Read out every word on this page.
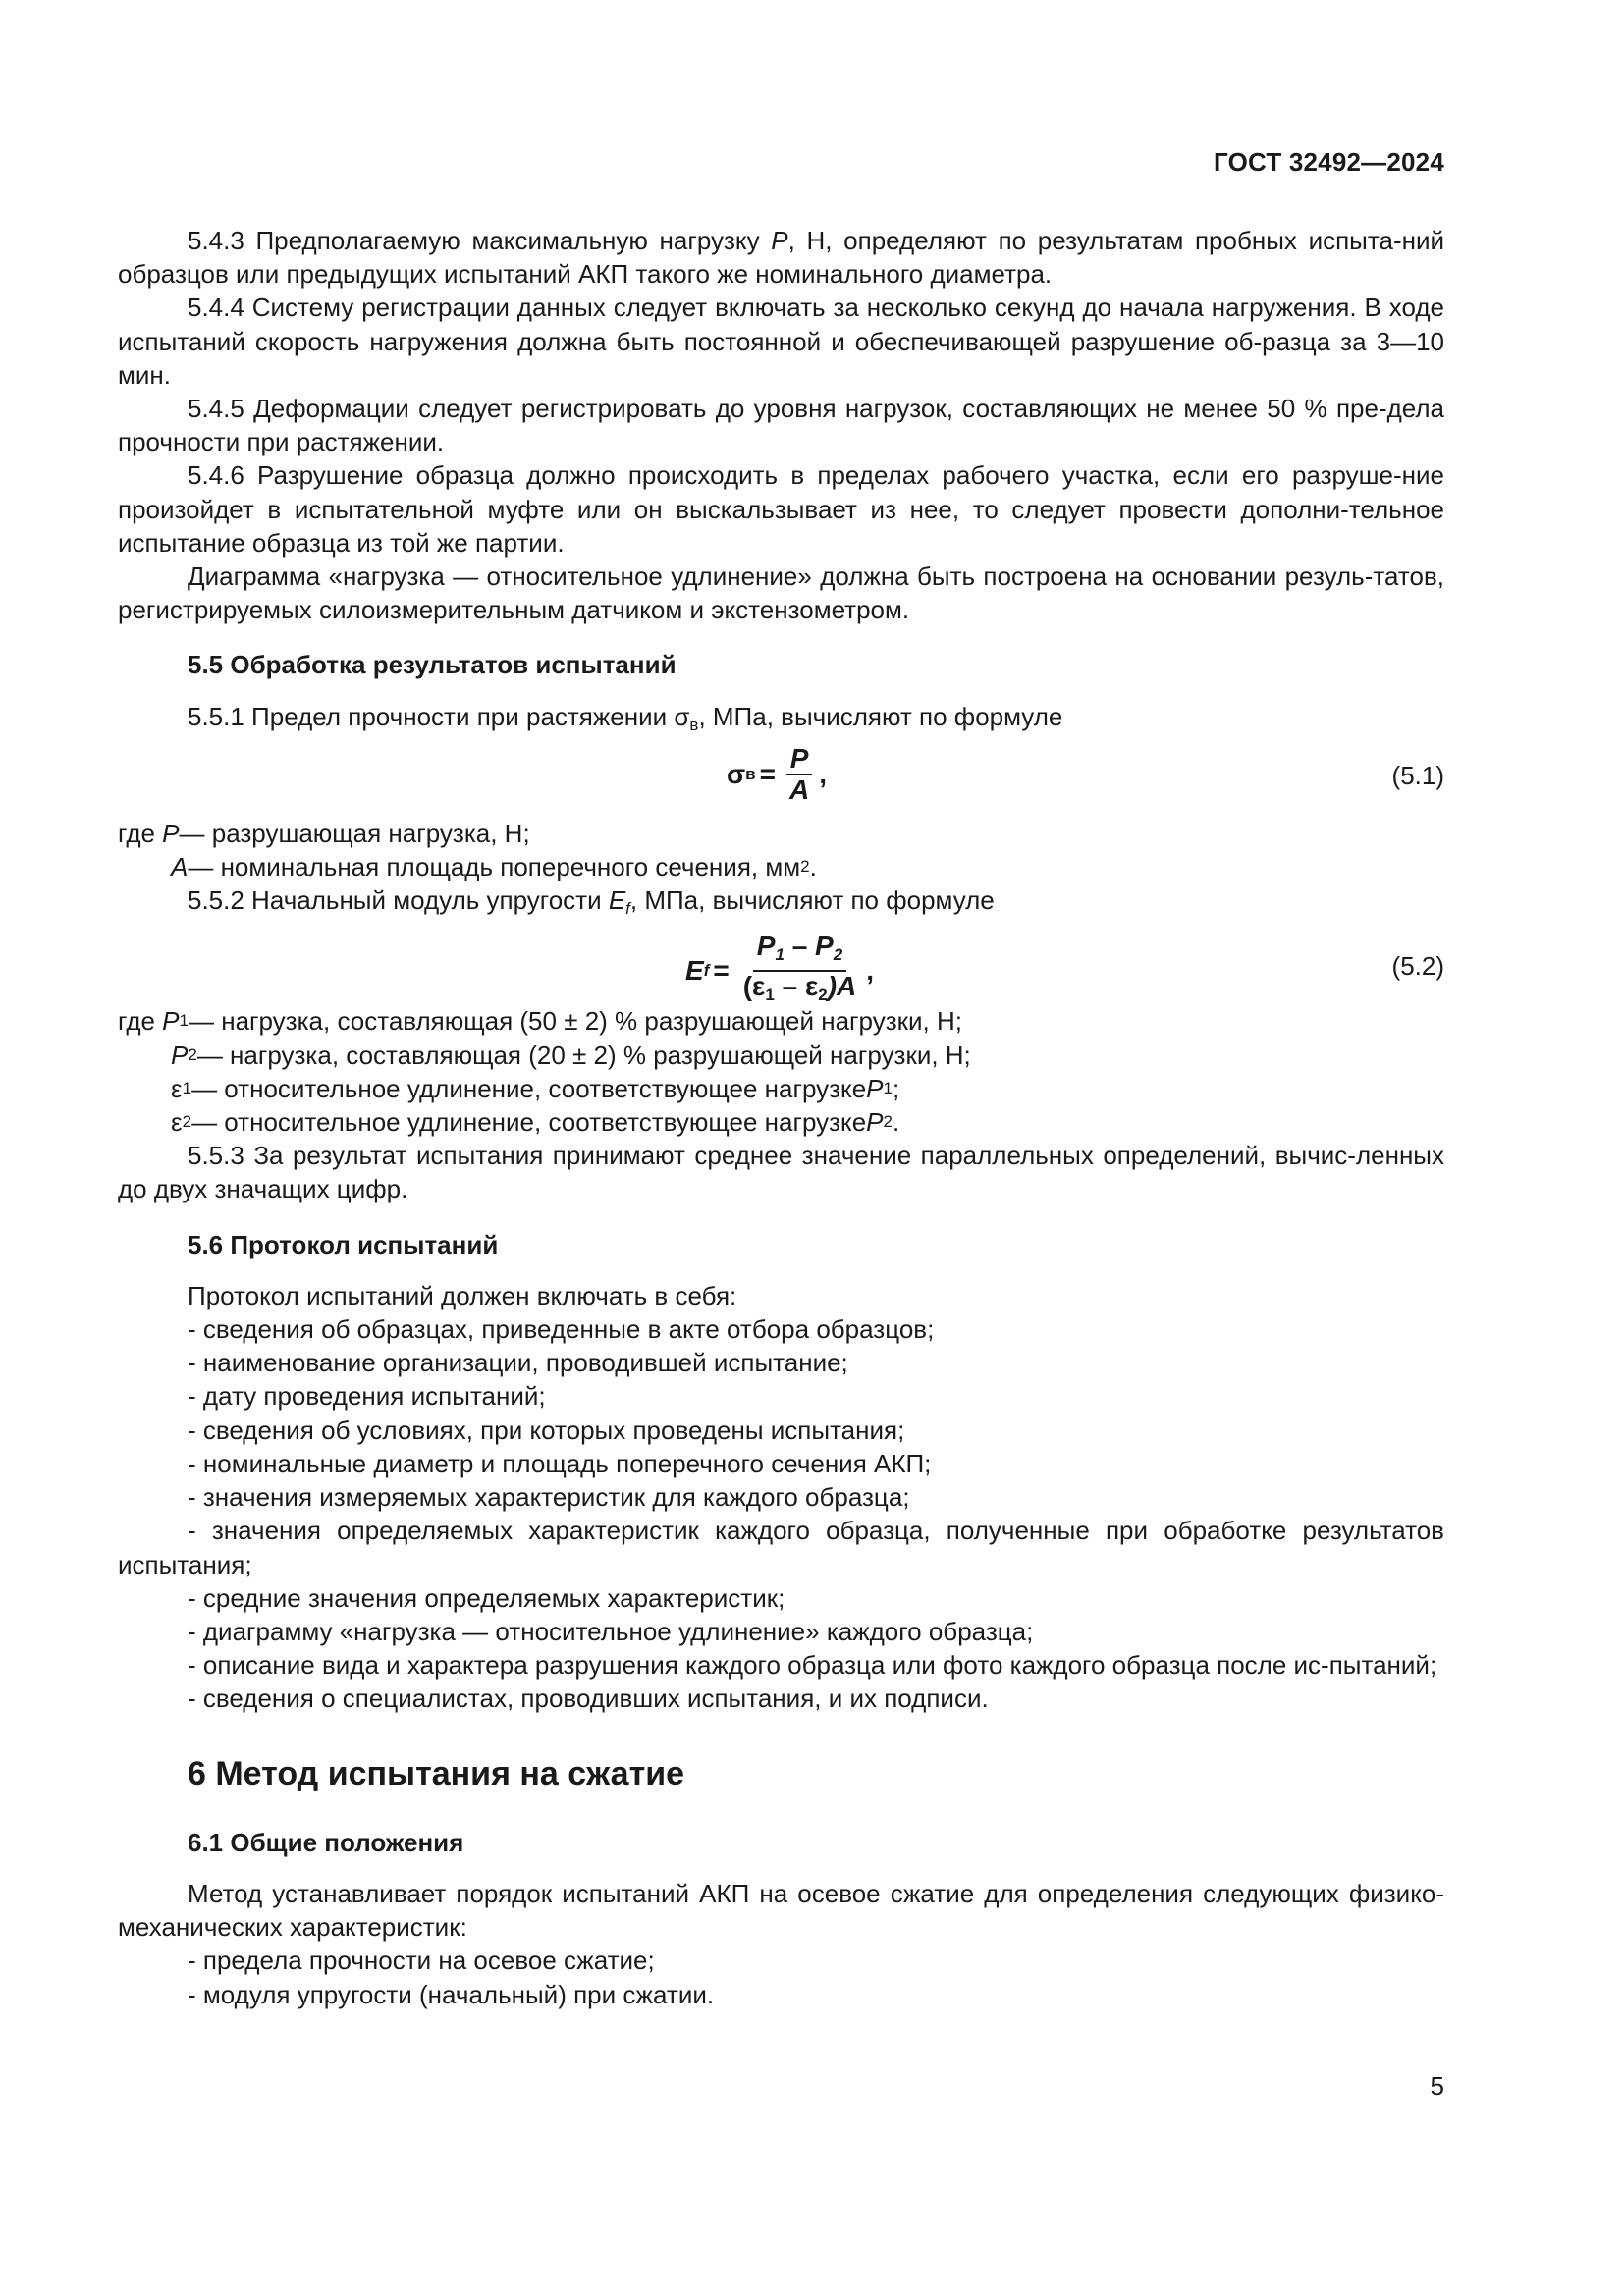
ГОСТ 32492—2024

5.4.3 Предполагаемую максимальную нагрузку P, Н, определяют по результатам пробных испыта-ний образцов или предыдущих испытаний АКП такого же номинального диаметра.

5.4.4 Систему регистрации данных следует включать за несколько секунд до начала нагружения. В ходе испытаний скорость нагружения должна быть постоянной и обеспечивающей разрушение об-разца за 3—10 мин.

5.4.5 Деформации следует регистрировать до уровня нагрузок, составляющих не менее 50 % пре-дела прочности при растяжении.

5.4.6 Разрушение образца должно происходить в пределах рабочего участка, если его разруше-ние произойдет в испытательной муфте или он выскальзывает из нее, то следует провести дополни-тельное испытание образца из той же партии.

Диаграмма «нагрузка — относительное удлинение» должна быть построена на основании резуль-татов, регистрируемых силоизмерительным датчиком и экстензометром.

5.5 Обработка результатов испытаний

5.5.1 Предел прочности при растяжении $\sigma_в$, МПа, вычисляют по формуле

σ $в = \frac{P}{A}$ ,	(5.1)
где P — разрушающая нагрузка, Н;
A — номинальная площадь поперечного сечения, мм 2 .

5.5.2 Начальный модуль упругости $E_f$, МПа, вычисляют по формуле

E $f = \frac{P_1 - P_2}{(\varepsilon_1 - \varepsilon_2)A}$ ,	(5.2)
где P 1 — нагрузка, составляющая (50 ± 2) % разрушающей нагрузки, Н;
P 2 — нагрузка, составляющая (20 ± 2) % разрушающей нагрузки, Н;
ε 1 — относительное удлинение, соответствующее нагрузке P 1 ;
ε 2 — относительное удлинение, соответствующее нагрузке P 2 .

5.5.3 За результат испытания принимают среднее значение параллельных определений, вычис-ленных до двух значащих цифр.

5.6 Протокол испытаний

Протокол испытаний должен включать в себя:

- сведения об образцах, приведенные в акте отбора образцов;

- наименование организации, проводившей испытание;

- дату проведения испытаний;

- сведения об условиях, при которых проведены испытания;

- номинальные диаметр и площадь поперечного сечения АКП;

- значения измеряемых характеристик для каждого образца;

- значения определяемых характеристик каждого образца, полученные при обработке результатов испытания;

- средние значения определяемых характеристик;

- диаграмму «нагрузка — относительное удлинение» каждого образца;

- описание вида и характера разрушения каждого образца или фото каждого образца после ис-пытаний;

- сведения о специалистах, проводивших испытания, и их подписи.

6 Метод испытания на сжатие

6.1 Общие положения

Метод устанавливает порядок испытаний АКП на осевое сжатие для определения следующих физико-механических характеристик:

- предела прочности на осевое сжатие;

- модуля упругости (начальный) при сжатии.

5
